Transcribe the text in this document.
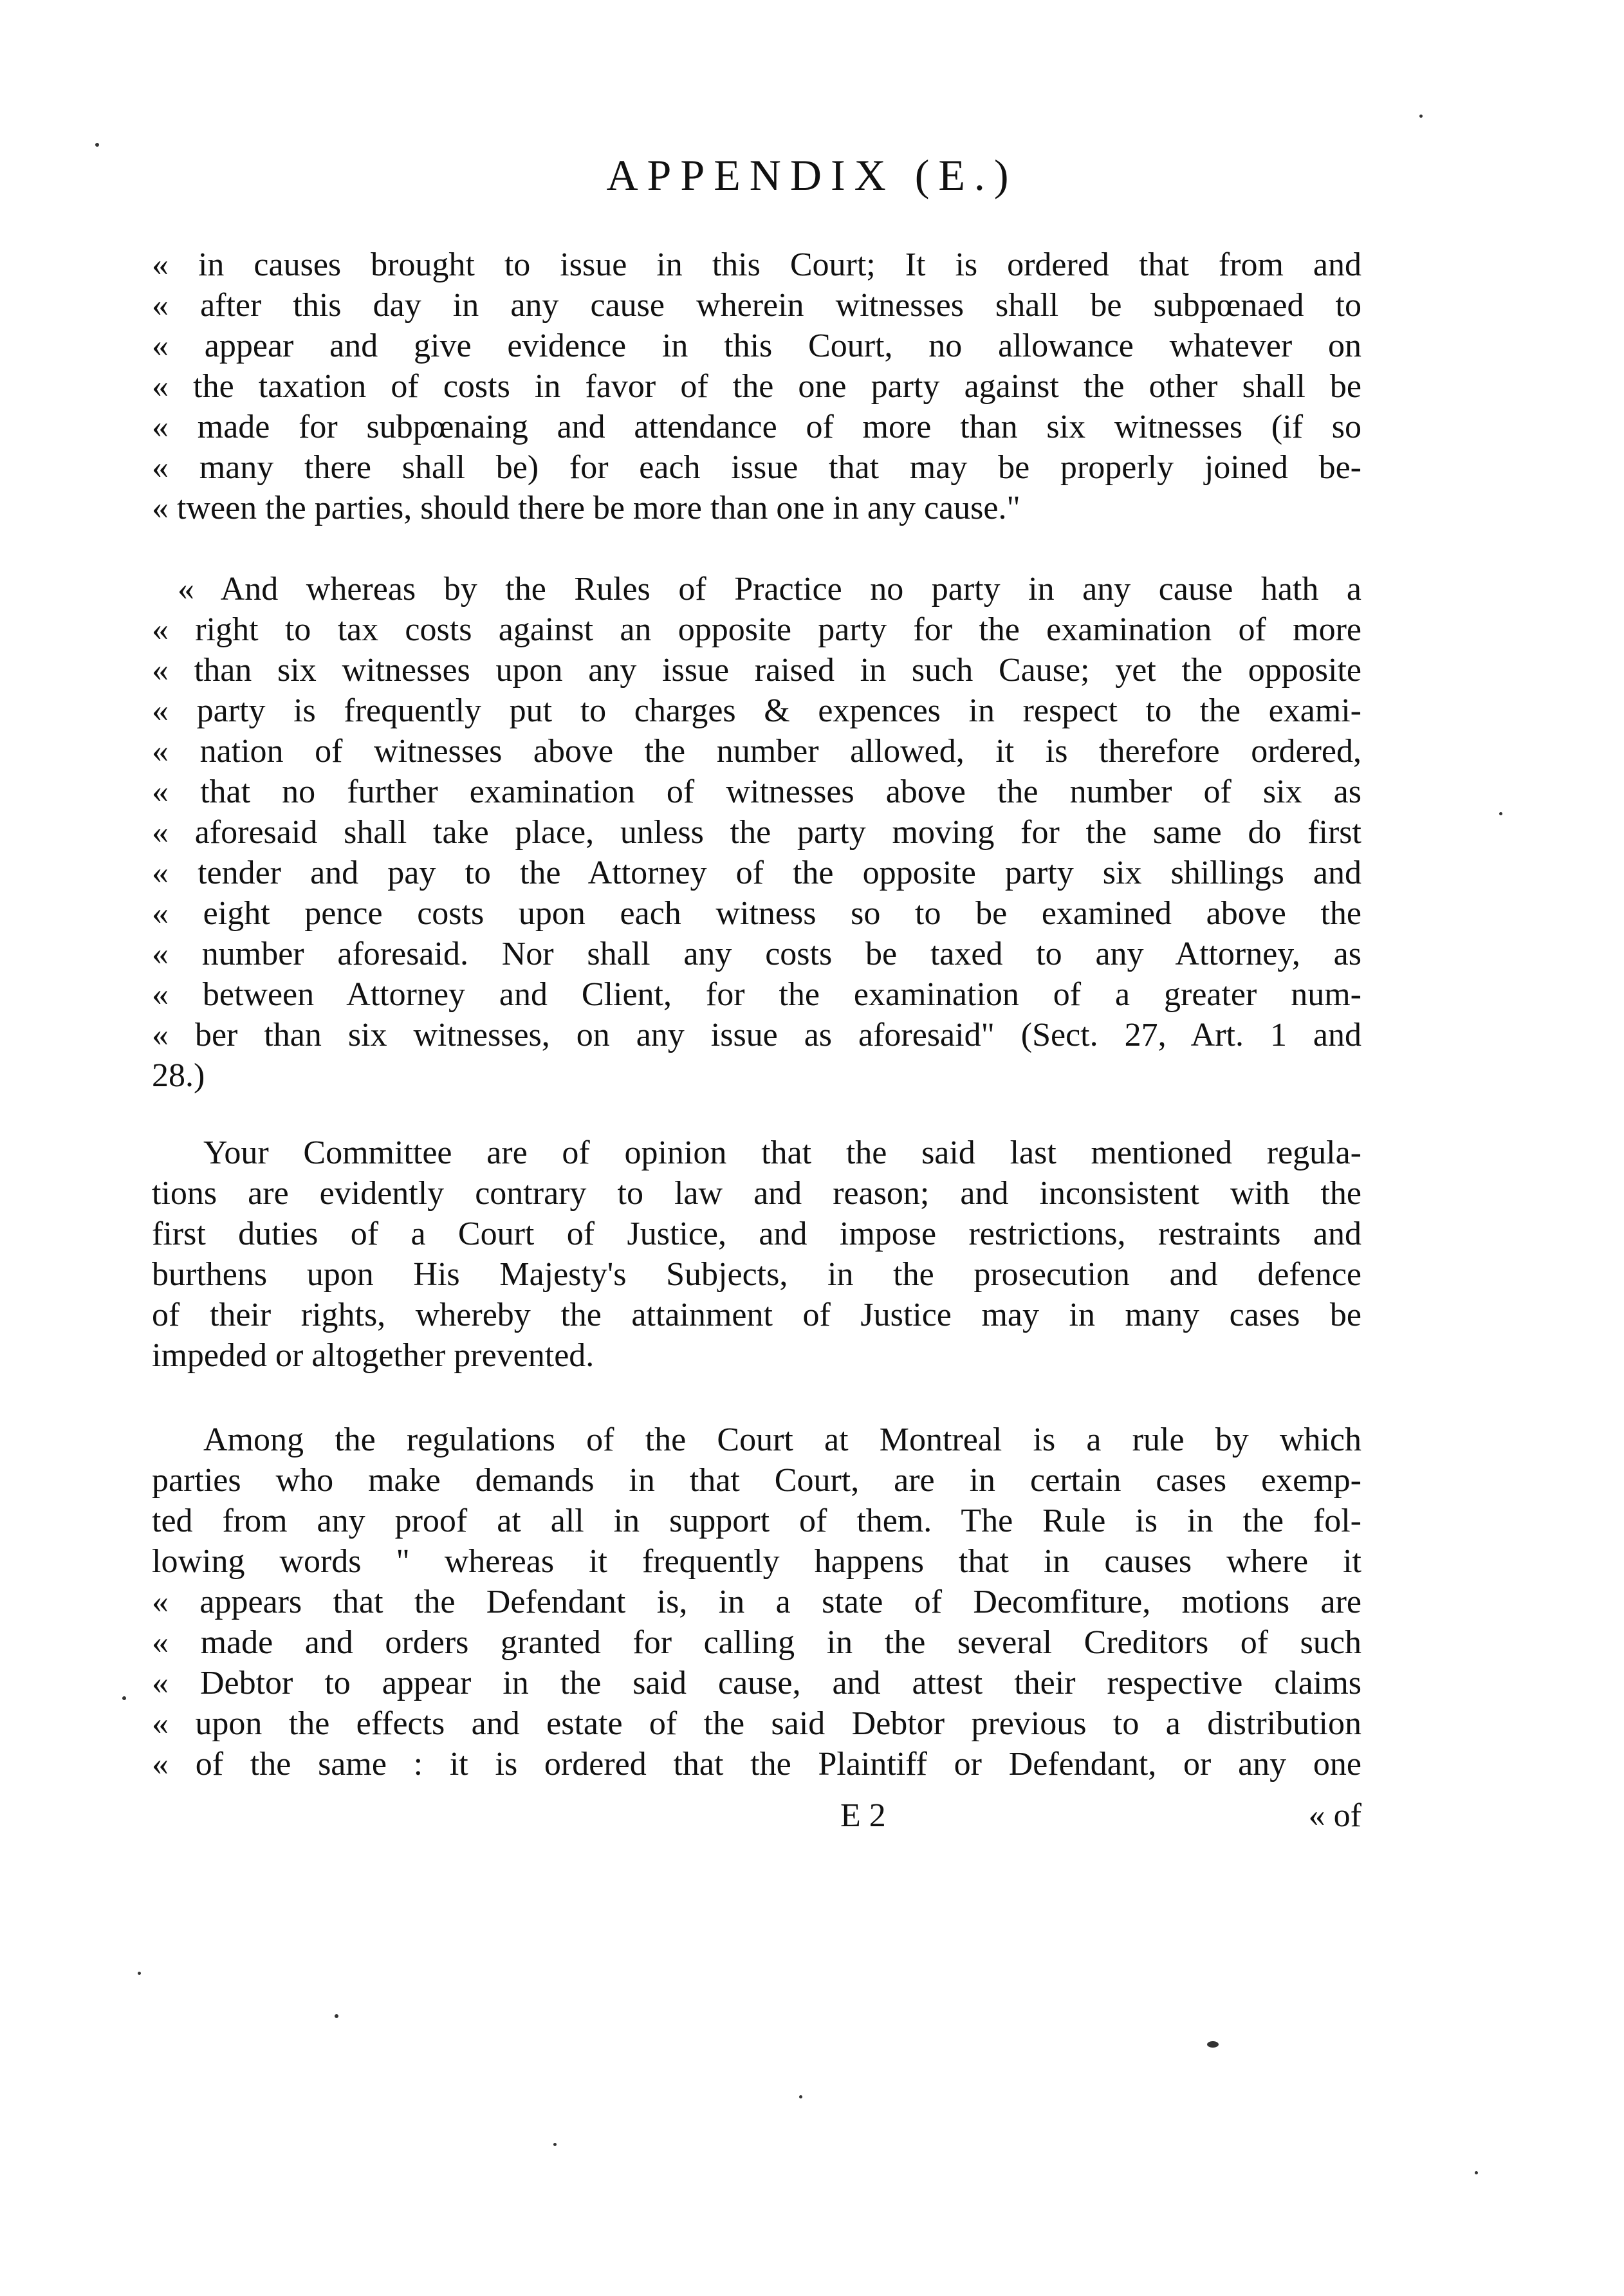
APPENDIX (E.)
« in causes brought to issue in this Court; It is ordered that from and
« after this day in any cause wherein witnesses shall be subpœnaed to
« appear and give evidence in this Court, no allowance whatever on
« the taxation of costs in favor of the one party against the other shall be
« made for subpœnaing and attendance of more than six witnesses (if so
« many there shall be) for each issue that may be properly joined be-
« tween the parties, should there be more than one in any cause."
« And whereas by the Rules of Practice no party in any cause hath a
« right to tax costs against an opposite party for the examination of more
« than six witnesses upon any issue raised in such Cause; yet the opposite
« party is frequently put to charges & expences in respect to the exami-
« nation of witnesses above the number allowed, it is therefore ordered,
« that no further examination of witnesses above the number of six as
« aforesaid shall take place, unless the party moving for the same do first
« tender and pay to the Attorney of the opposite party six shillings and
« eight pence costs upon each witness so to be examined above the
« number aforesaid. Nor shall any costs be taxed to any Attorney, as
« between Attorney and Client, for the examination of a greater num-
« ber than six witnesses, on any issue as aforesaid" (Sect. 27, Art. 1 and
28.)
Your Committee are of opinion that the said last mentioned regula-
tions are evidently contrary to law and reason; and inconsistent with the
first duties of a Court of Justice, and impose restrictions, restraints and
burthens upon His Majesty's Subjects, in the prosecution and defence
of their rights, whereby the attainment of Justice may in many cases be
impeded or altogether prevented.
Among the regulations of the Court at Montreal is a rule by which
parties who make demands in that Court, are in certain cases exemp-
ted from any proof at all in support of them. The Rule is in the fol-
lowing words " whereas it frequently happens that in causes where it
« appears that the Defendant is, in a state of Decomfiture, motions are
« made and orders granted for calling in the several Creditors of such
« Debtor to appear in the said cause, and attest their respective claims
« upon the effects and estate of the said Debtor previous to a distribution
« of the same : it is ordered that the Plaintiff or Defendant, or any one
E 2	« of
